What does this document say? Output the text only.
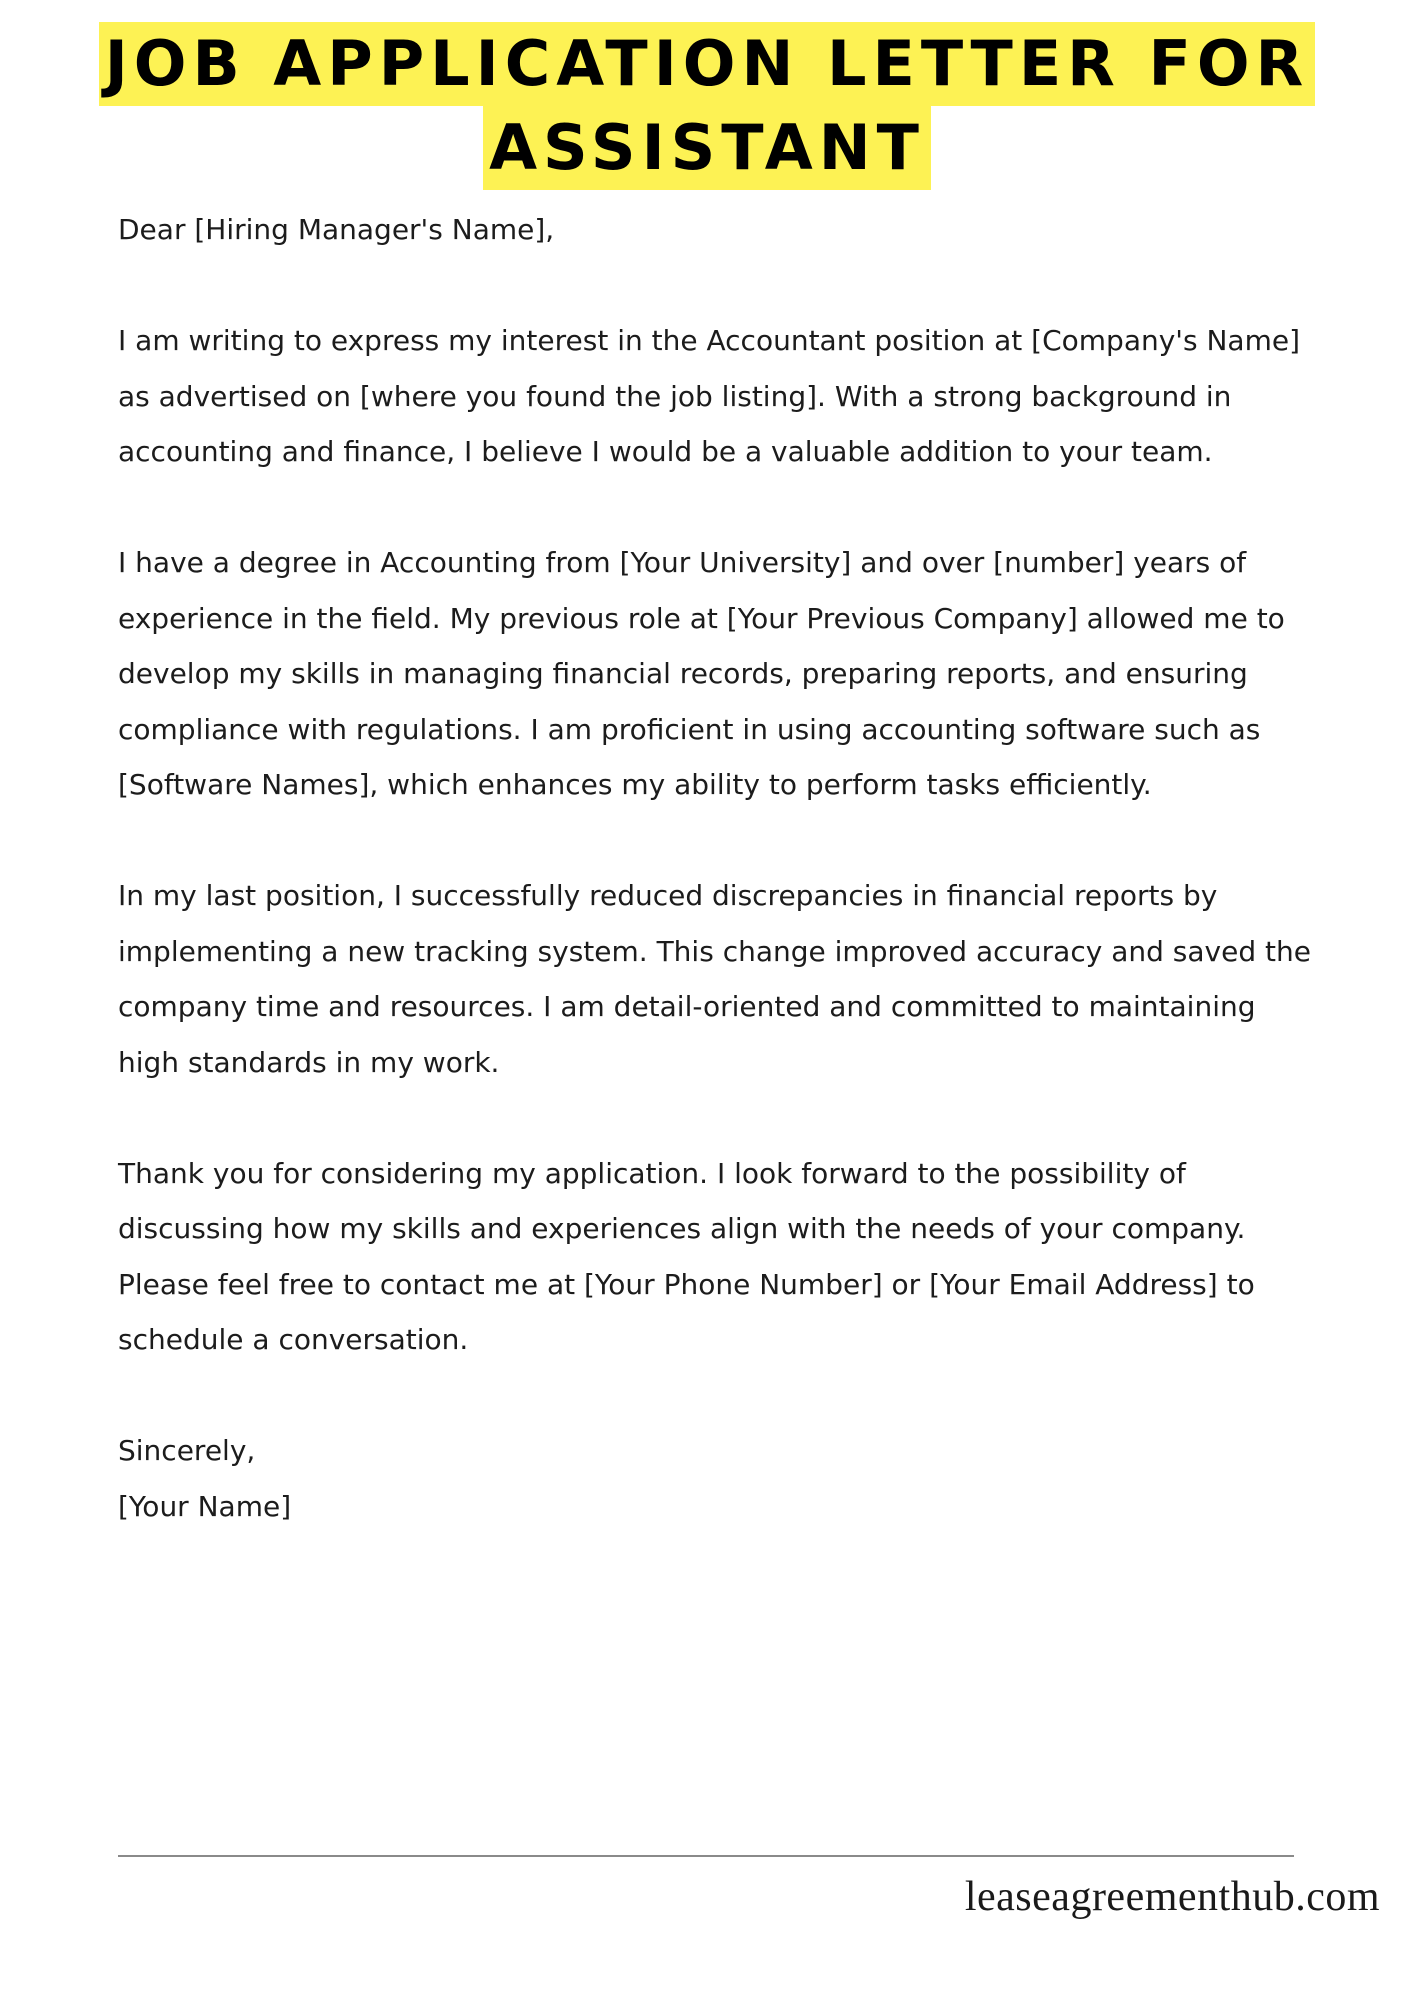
JOB APPLICATION LETTER FOR
ASSISTANT

Dear [Hiring Manager's Name],

I am writing to express my interest in the Accountant position at [Company's Name] as advertised on [where you found the job listing]. With a strong background in accounting and finance, I believe I would be a valuable addition to your team.

I have a degree in Accounting from [Your University] and over [number] years of experience in the field. My previous role at [Your Previous Company] allowed me to develop my skills in managing financial records, preparing reports, and ensuring compliance with regulations. I am proficient in using accounting software such as [Software Names], which enhances my ability to perform tasks efficiently.

In my last position, I successfully reduced discrepancies in financial reports by implementing a new tracking system. This change improved accuracy and saved the company time and resources. I am detail-oriented and committed to maintaining high standards in my work.

Thank you for considering my application. I look forward to the possibility of discussing how my skills and experiences align with the needs of your company. Please feel free to contact me at [Your Phone Number] or [Your Email Address] to schedule a conversation.

Sincerely,

[Your Name]

leaseagreementhub.com
